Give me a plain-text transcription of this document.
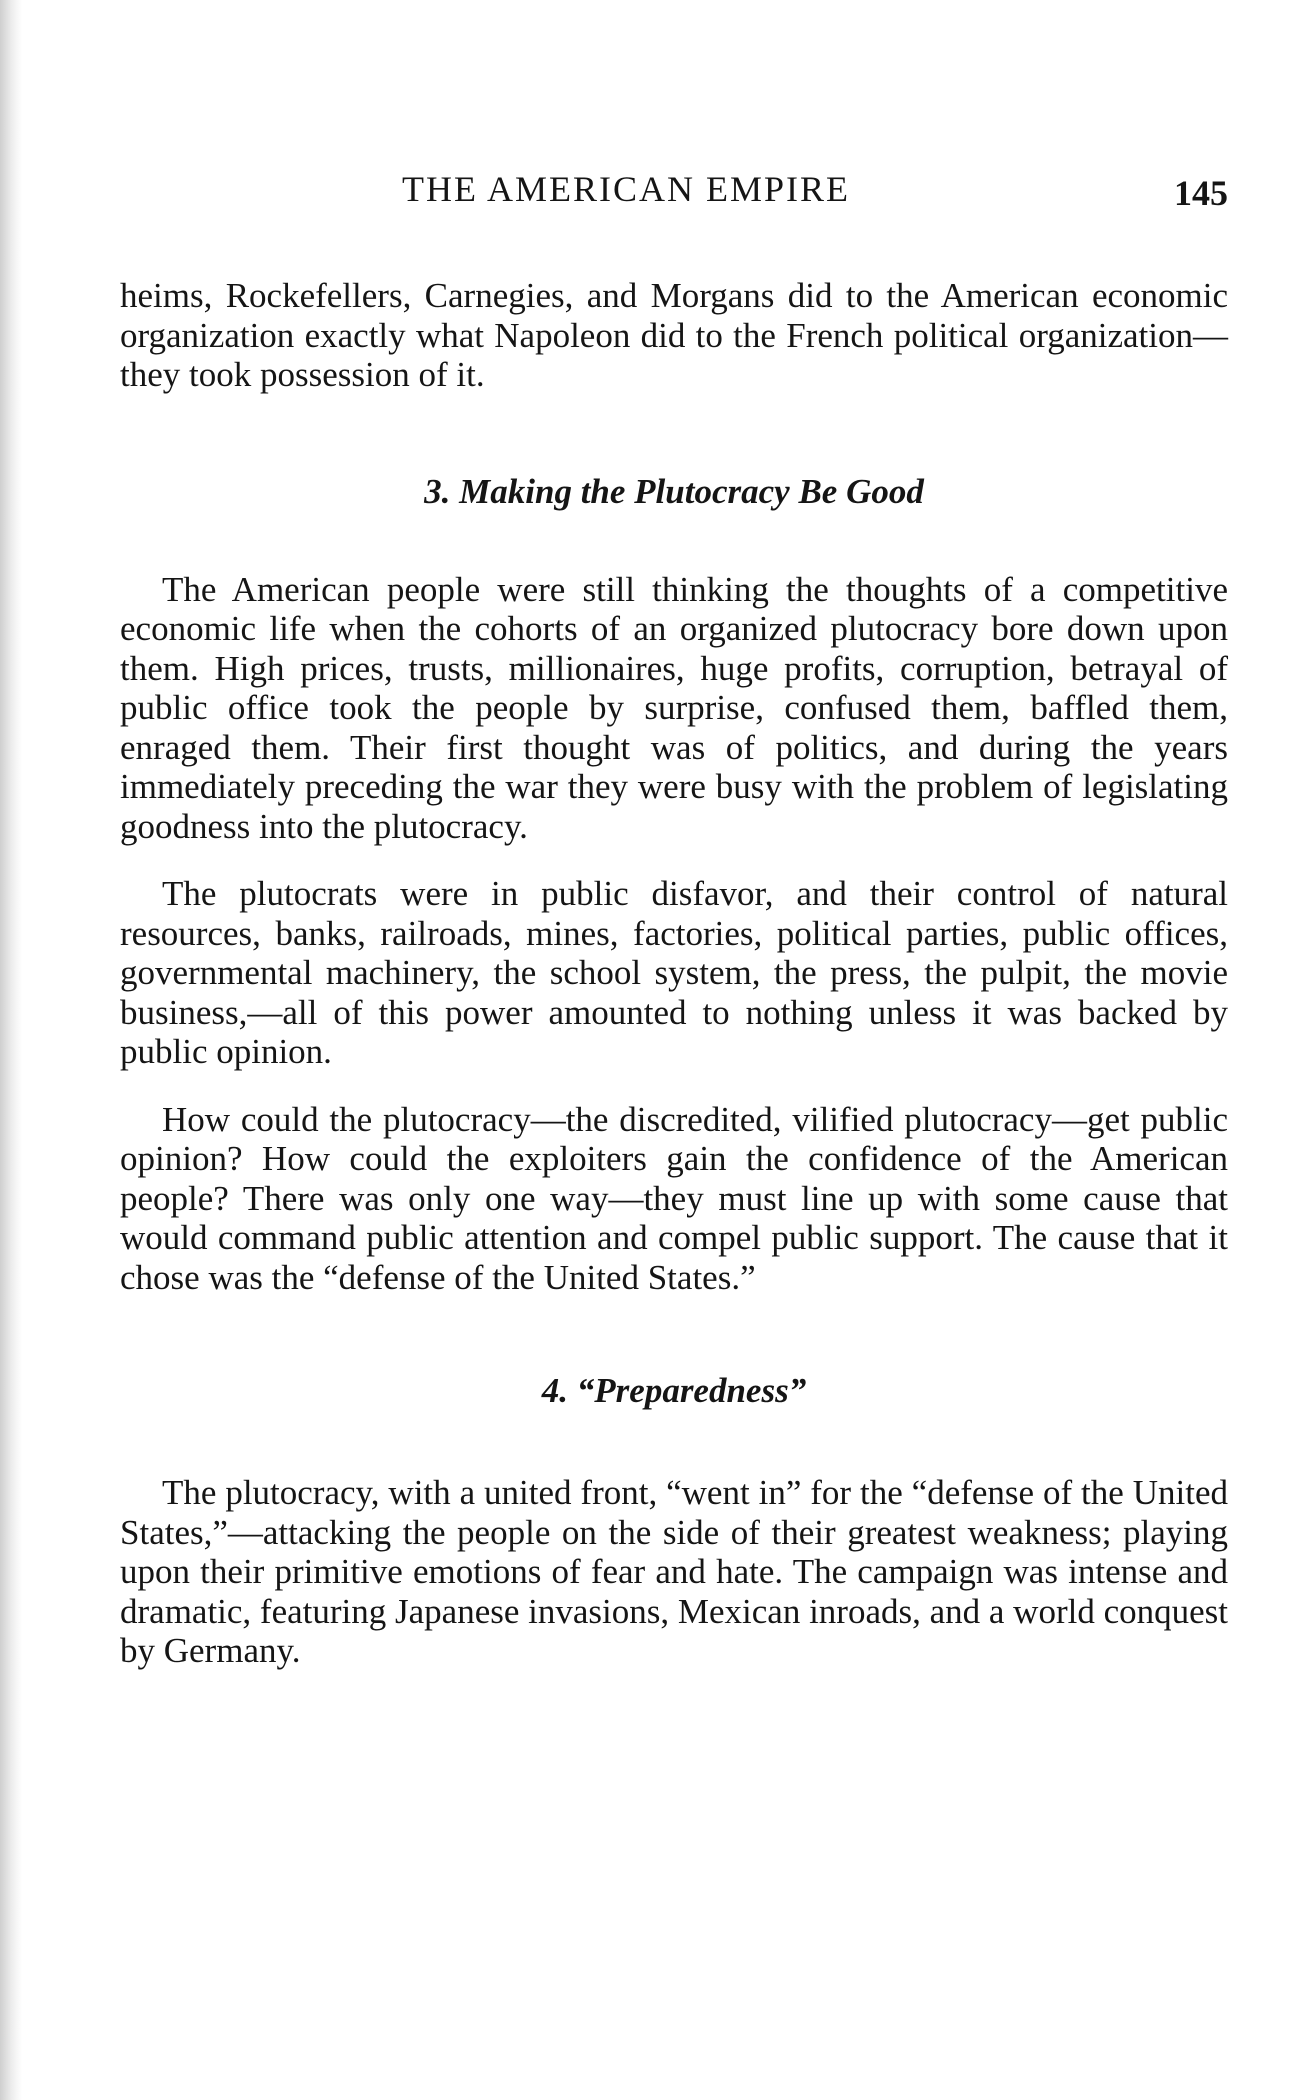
THE AMERICAN EMPIRE	145

heims, Rockefellers, Carnegies, and Morgans did to the American economic organization exactly what Napoleon did to the French political organization—they took possession of it.

3. Making the Plutocracy Be Good

The American people were still thinking the thoughts of a competitive economic life when the cohorts of an organized plutocracy bore down upon them. High prices, trusts, millionaires, huge profits, corruption, betrayal of public office took the people by surprise, confused them, baffled them, enraged them. Their first thought was of politics, and during the years immediately preceding the war they were busy with the problem of legislating goodness into the plutocracy.

The plutocrats were in public disfavor, and their control of natural resources, banks, railroads, mines, factories, political parties, public offices, governmental machinery, the school system, the press, the pulpit, the movie business,—all of this power amounted to nothing unless it was backed by public opinion.

How could the plutocracy—the discredited, vilified plutocracy—get public opinion? How could the exploiters gain the confidence of the American people? There was only one way—they must line up with some cause that would command public attention and compel public support. The cause that it chose was the “defense of the United States.”

4. “Preparedness”

The plutocracy, with a united front, “went in” for the “defense of the United States,”—attacking the people on the side of their greatest weakness; playing upon their primitive emotions of fear and hate. The campaign was intense and dramatic, featuring Japanese invasions, Mexican inroads, and a world conquest by Germany.
